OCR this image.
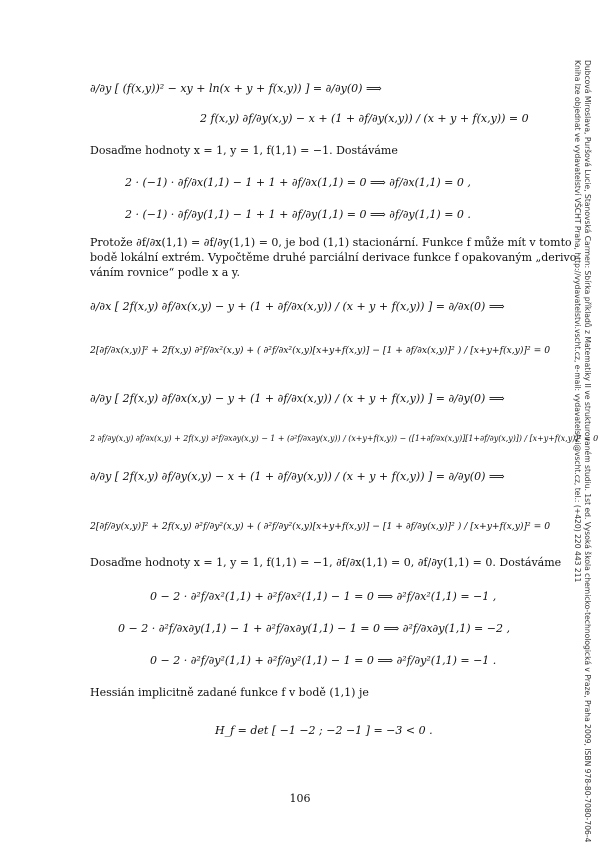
Dubcová Miroslava, Puršová Lucie, Stanovská Carmen: Sbírka příkladů z Matematiky II ve strukturovaném studiu. 1st ed. Vysoká škola chemicko-technologická v Praze, Praha 2009, ISBN 978-80-7080-706-4
Kniha lze objednat ve vydavatelství VŠCHT Praha, http://vydavatelstvi.vscht.cz, e-mail: vydavatelstvi@vscht.cz, tel.: (+420) 220 443 211
∂/∂y [ (f(x,y))² − xy + ln(x + y + f(x,y)) ] = ∂/∂y(0) ⟹
2 f(x,y) ∂f/∂y(x,y) − x + (1 + ∂f/∂y(x,y)) / (x + y + f(x,y)) = 0
Dosaďme hodnoty x = 1, y = 1, f(1,1) = −1. Dostáváme
2 · (−1) · ∂f/∂x(1,1) − 1 + 1 + ∂f/∂x(1,1) = 0 ⟹ ∂f/∂x(1,1) = 0 ,
2 · (−1) · ∂f/∂y(1,1) − 1 + 1 + ∂f/∂y(1,1) = 0 ⟹ ∂f/∂y(1,1) = 0 .
Protože ∂f/∂x(1,1) = ∂f/∂y(1,1) = 0, je bod (1,1) stacionární. Funkce f může mít v tomto
bodě lokální extrém. Vypočtěme druhé parciální derivace funkce f opakovaným „derivo-
váním rovnice“ podle x a y.
∂/∂x [ 2f(x,y) ∂f/∂x(x,y) − y + (1 + ∂f/∂x(x,y)) / (x + y + f(x,y)) ] = ∂/∂x(0) ⟹
2[∂f/∂x(x,y)]² + 2f(x,y) ∂²f/∂x²(x,y) + ( ∂²f/∂x²(x,y)[x+y+f(x,y)] − [1 + ∂f/∂x(x,y)]² ) / [x+y+f(x,y)]² = 0
∂/∂y [ 2f(x,y) ∂f/∂x(x,y) − y + (1 + ∂f/∂x(x,y)) / (x + y + f(x,y)) ] = ∂/∂y(0) ⟹
2 ∂f/∂y(x,y) ∂f/∂x(x,y) + 2f(x,y) ∂²f/∂x∂y(x,y) − 1 + (∂²f/∂x∂y(x,y)) / (x+y+f(x,y)) − ([1+∂f/∂x(x,y)][1+∂f/∂y(x,y)]) / [x+y+f(x,y)]² = 0
∂/∂y [ 2f(x,y) ∂f/∂y(x,y) − x + (1 + ∂f/∂y(x,y)) / (x + y + f(x,y)) ] = ∂/∂y(0) ⟹
2[∂f/∂y(x,y)]² + 2f(x,y) ∂²f/∂y²(x,y) + ( ∂²f/∂y²(x,y)[x+y+f(x,y)] − [1 + ∂f/∂y(x,y)]² ) / [x+y+f(x,y)]² = 0
Dosaďme hodnoty x = 1, y = 1, f(1,1) = −1, ∂f/∂x(1,1) = 0, ∂f/∂y(1,1) = 0. Dostáváme
0 − 2 · ∂²f/∂x²(1,1) + ∂²f/∂x²(1,1) − 1 = 0 ⟹ ∂²f/∂x²(1,1) = −1 ,
0 − 2 · ∂²f/∂x∂y(1,1) − 1 + ∂²f/∂x∂y(1,1) − 1 = 0 ⟹ ∂²f/∂x∂y(1,1) = −2 ,
0 − 2 · ∂²f/∂y²(1,1) + ∂²f/∂y²(1,1) − 1 = 0 ⟹ ∂²f/∂y²(1,1) = −1 .
Hessián implicitně zadané funkce f v bodě (1,1) je
H_f = det [ −1 −2 ; −2 −1 ] = −3 < 0 .
106
